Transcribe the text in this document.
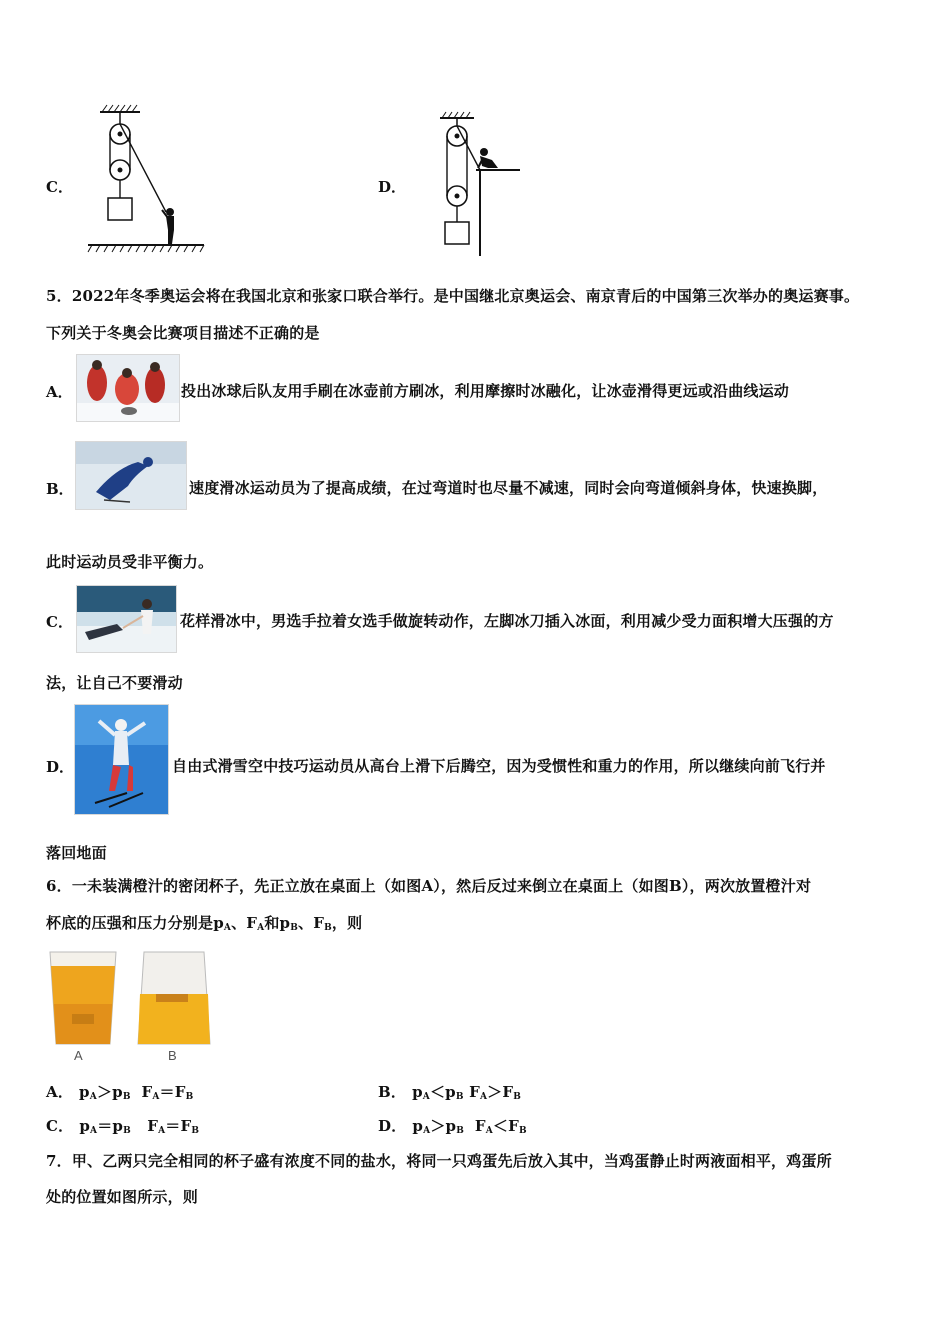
C．	D．
5．2022年冬季奥运会将在我国北京和张家口联合举行。是中国继北京奥运会、南京青后的中国第三次举办的奥运赛事。
下列关于冬奥会比赛项目描述不正确的是
A．	投出冰球后队友用手刷在冰壶前方刷冰，利用摩擦时冰融化，让冰壶滑得更远或沿曲线运动
B．	速度滑冰运动员为了提高成绩，在过弯道时也尽量不减速，同时会向弯道倾斜身体，快速换脚，
此时运动员受非平衡力。
C．	花样滑冰中，男选手拉着女选手做旋转动作，左脚冰刀插入冰面，利用减少受力面积增大压强的方
法，让自己不要滑动
D．	自由式滑雪空中技巧运动员从高台上滑下后腾空，因为受惯性和重力的作用，所以继续向前飞行并
落回地面
6．一未装满橙汁的密闭杯子，先正立放在桌面上（如图A），然后反过来倒立在桌面上（如图B），两次放置橙汁对
杯底的压强和压力分别是$p_A$、$F_A$和$p_B$、$F_B$，则
A	B
A． $p_A>p_B$  $F_A=F_B$	B． $p_A<p_B$ $F_A>F_B$
C． $p_A=p_B$   $F_A=F_B$	D． $p_A>p_B$  $F_A<F_B$
7．甲、乙两只完全相同的杯子盛有浓度不同的盐水，将同一只鸡蛋先后放入其中，当鸡蛋静止时两液面相平，鸡蛋所
处的位置如图所示，则
